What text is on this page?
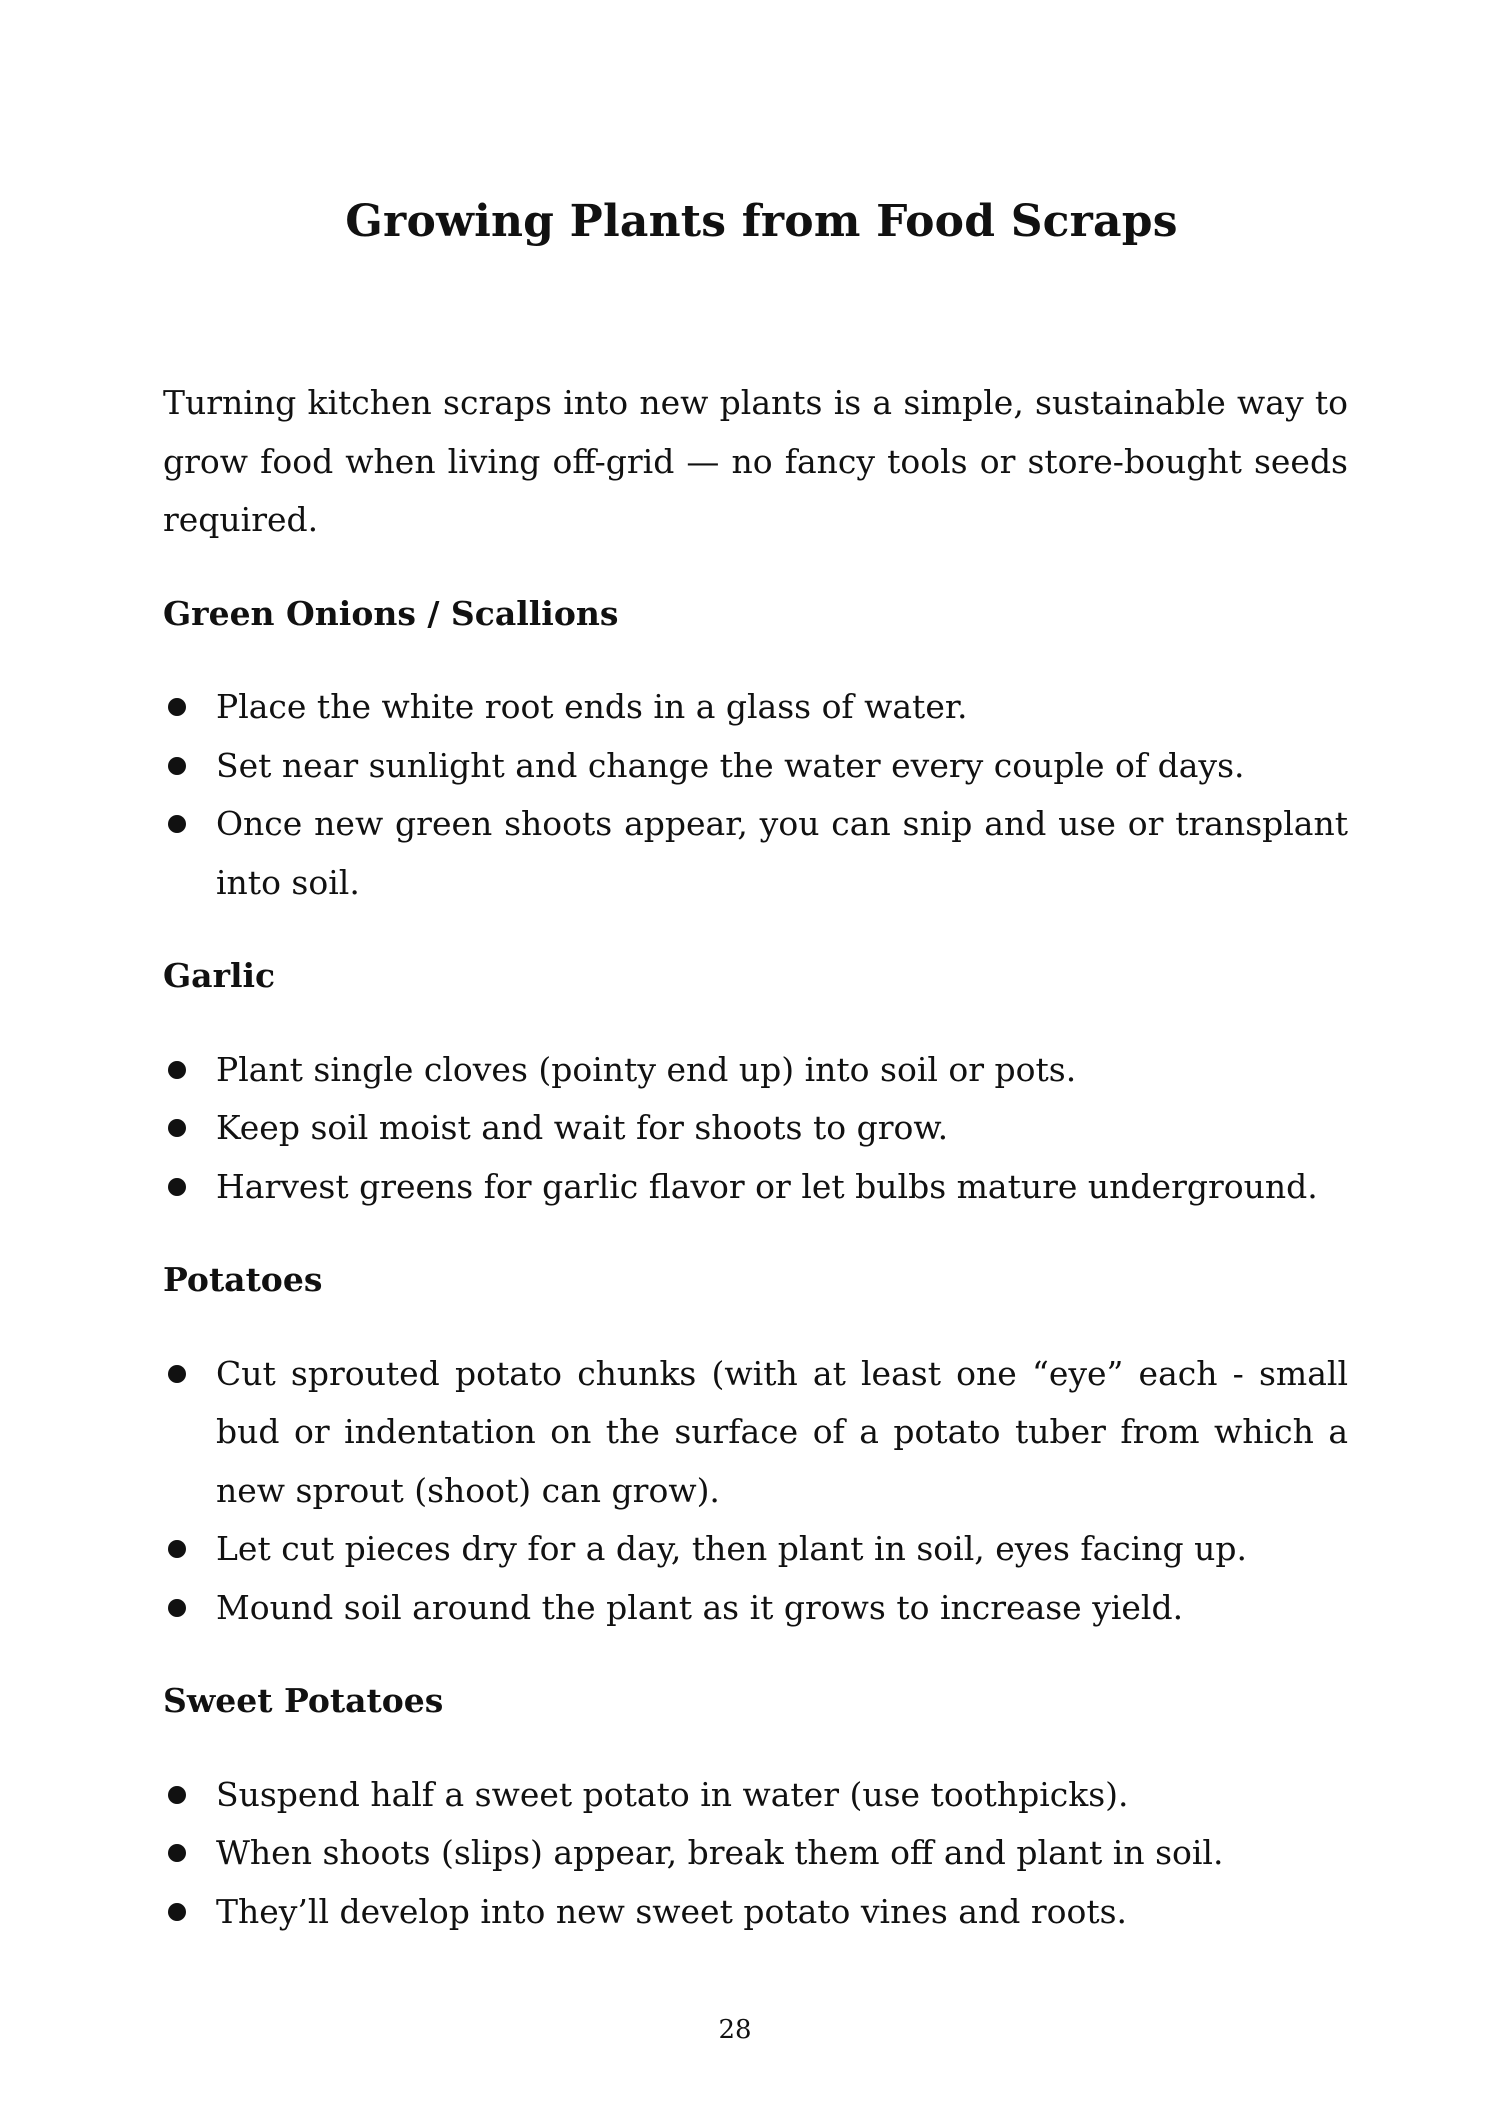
Growing Plants from Food Scraps

Turning kitchen scraps into new plants is a simple, sustainable way to grow food when living off-grid — no fancy tools or store-bought seeds required.

Green Onions / Scallions
Place the white root ends in a glass of water.
Set near sunlight and change the water every couple of days.
Once new green shoots appear, you can snip and use or transplant into soil.
Garlic
Plant single cloves (pointy end up) into soil or pots.
Keep soil moist and wait for shoots to grow.
Harvest greens for garlic flavor or let bulbs mature underground.
Potatoes
Cut sprouted potato chunks (with at least one “eye” each - small bud or indentation on the surface of a potato tuber from which a new sprout (shoot) can grow).
Let cut pieces dry for a day, then plant in soil, eyes facing up.
Mound soil around the plant as it grows to increase yield.
Sweet Potatoes
Suspend half a sweet potato in water (use toothpicks).
When shoots (slips) appear, break them off and plant in soil.
They’ll develop into new sweet potato vines and roots.
28
